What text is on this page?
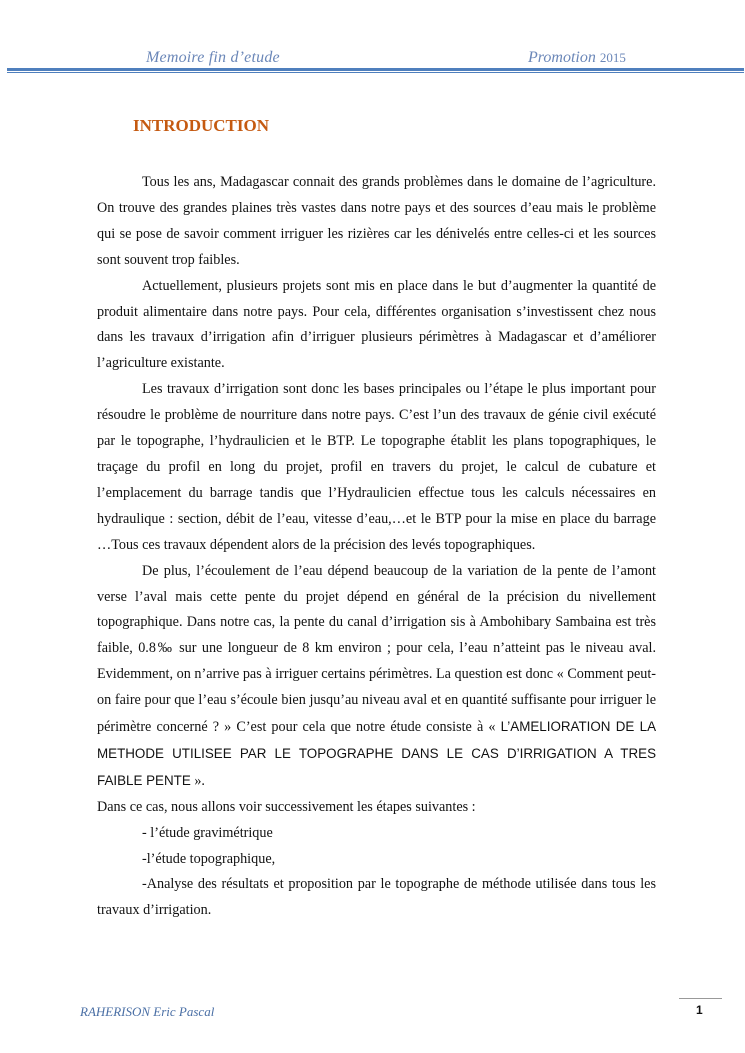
Memoire fin d’etude	Promotion 2015
INTRODUCTION

Tous les ans, Madagascar connait des grands problèmes dans le domaine de l’agriculture. On trouve des grandes plaines très vastes dans notre pays et des sources d’eau mais le problème qui se pose de savoir comment irriguer les rizières car les dénivelés entre celles-ci et les sources sont souvent trop faibles.

Actuellement, plusieurs projets sont mis en place dans le but d’augmenter la quantité de produit alimentaire dans notre pays. Pour cela, différentes organisation s’investissent chez nous dans les travaux d’irrigation afin d’irriguer plusieurs périmètres à Madagascar et d’améliorer l’agriculture existante.

Les travaux d’irrigation sont donc les bases principales ou l’étape le plus important pour résoudre le problème de nourriture dans notre pays. C’est l’un des travaux de génie civil exécuté par le topographe, l’hydraulicien et le BTP. Le topographe établit les plans topographiques, le traçage du profil en long du projet, profil en travers du projet, le calcul de cubature et l’emplacement du barrage tandis que l’Hydraulicien effectue tous les calculs nécessaires en hydraulique : section, débit de l’eau, vitesse d’eau,…et le BTP pour la mise en place du barrage …Tous ces travaux dépendent alors de la précision des levés topographiques.

De plus, l’écoulement de l’eau dépend beaucoup de la variation de la pente de l’amont verse l’aval mais cette pente du projet dépend en général de la précision du nivellement topographique. Dans notre cas, la pente du canal d’irrigation sis à Ambohibary Sambaina est très faible, 0.8‰ sur une longueur de 8 km environ ; pour cela, l’eau n’atteint pas le niveau aval. Evidemment, on n’arrive pas à irriguer certains périmètres. La question est donc « Comment peut-on faire pour que l’eau s’écoule bien jusqu’au niveau aval et en quantité suffisante pour irriguer le périmètre concerné ? » C’est pour cela que notre étude consiste à « L’AMELIORATION DE LA METHODE UTILISEE PAR LE TOPOGRAPHE DANS LE CAS D’IRRIGATION A TRES FAIBLE PENTE ».

Dans ce cas, nous allons voir successivement les étapes suivantes :

- l’étude gravimétrique

-l’étude topographique,

-Analyse des résultats et proposition par le topographe de méthode utilisée dans tous les travaux d’irrigation.

RAHERISON Eric Pascal	1
